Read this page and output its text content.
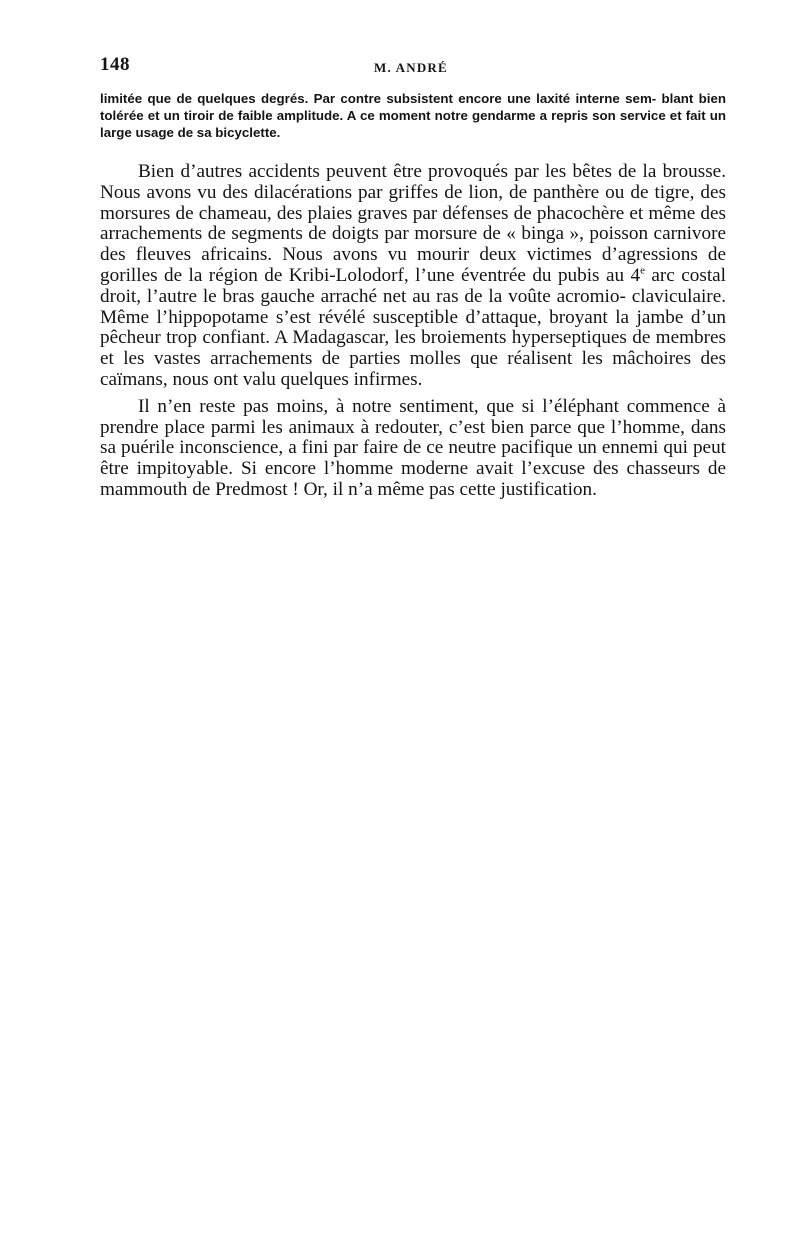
148	M. ANDRÉ

limitée que de quelques degrés. Par contre subsistent encore une laxité interne sem- blant bien tolérée et un tiroir de faible amplitude. A ce moment notre gendarme a repris son service et fait un large usage de sa bicyclette.

Bien d’autres accidents peuvent être provoqués par les bêtes de la brousse. Nous avons vu des dilacérations par griffes de lion, de panthère ou de tigre, des morsures de chameau, des plaies graves par défenses de phacochère et même des arrachements de segments de doigts par morsure de « binga », poisson carnivore des fleuves africains. Nous avons vu mourir deux victimes d’agressions de gorilles de la région de Kribi-Lolodorf, l’une éventrée du pubis au 4e arc costal droit, l’autre le bras gauche arraché net au ras de la voûte acromio- claviculaire. Même l’hippopotame s’est révélé susceptible d’attaque, broyant la jambe d’un pêcheur trop confiant. A Madagascar, les broiements hyperseptiques de membres et les vastes arrachements de parties molles que réalisent les mâchoires des caïmans, nous ont valu quelques infirmes.

Il n’en reste pas moins, à notre sentiment, que si l’éléphant commence à prendre place parmi les animaux à redouter, c’est bien parce que l’homme, dans sa puérile inconscience, a fini par faire de ce neutre pacifique un ennemi qui peut être impitoyable. Si encore l’homme moderne avait l’excuse des chasseurs de mammouth de Predmost ! Or, il n’a même pas cette justification.
